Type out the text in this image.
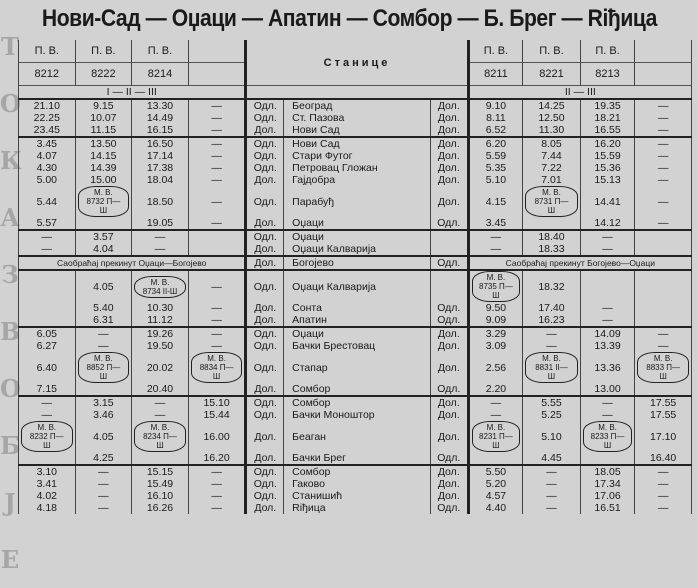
Т
О
К
А
З
В
О
Б
Ј
Е
Нови-Сад — Оџаци — Апатин — Сомбор — Б. Брег — Riђица
П. В.	П. В.	П. В.		Станице			П. В.	П. В.	П. В.	
8212	8222	8214					8211	8221	8213	
I — II — III							II — III			
21.10	9.15	13.30	—	Одл.	Београд	Дол.	9.10	14.25	19.35	—
22.25	10.07	14.49	—	Одл.	Ст. Пазова	Дол.	8.11	12.50	18.21	—
23.45	11.15	16.15	—	Дол.	Нови Сад	Дол.	6.52	11.30	16.55	—
3.45	13.50	16.50	—	Одл.	Нови Сад	Дол.	6.20	8.05	16.20	—
4.07	14.15	17.14	—	Одл.	Стари Футог	Дол.	5.59	7.44	15.59	—
4.30	14.39	17.38	—	Одл.	Петровац Гложан	Дол.	5.35	7.22	15.36	—
5.00	15.00	18.04	—	Дол.	Гајдобра	Дол.	5.10	7.01	15.13	—
5.44	М. В. 8732 П—Ш	18.50	—	Одл.	Парабуђ	Дол.	4.15	М. В. 8731 П—Ш	14.41	—
5.57		19.05	—	Дол.	Оџаци	Одл.	3.45		14.12	—
—	3.57	—		Одл.	Оџаци		—	18.40	—	
—	4.04	—		Дол.	Оџаци Калварија		—	18.33	—	
Саобраћај прекинут Оџаци—Богојево				Дол.	Богојево	Одл.	Саобраћај прекинут Богојево—Оџаци			
	4.05	М. В. 8734 II-Ш	—	Одл.	Оџаци Калварија		М. В. 8735 П—Ш	18.32		
	5.40	10.30	—	Дол.	Сонта	Одл.	9.50	17.40	—	
	6.31	11.12	—	Дол.	Апатин	Одл.	9.09	16.23	—	
6.05	—	19.26	—	Одл.	Оџаци	Дол.	3.29	—	14.09	—
6.27	—	19.50	—	Одл.	Бачки Брестовац	Дол.	3.09	—	13.39	—
6.40	М. В. 8852 П—Ш	20.02	М. В. 8834 П—Ш	Одл.	Стапар	Дол.	2.56	М. В. 8831 II—Ш	13.36	М. В. 8833 П—Ш
7.15		20.40		Дол.	Сомбор	Одл.	2.20		13.00	
—	3.15	—	15.10	Одл.	Сомбор	Дол.	—	5.55	—	17.55
—	3.46	—	15.44	Одл.	Бачки Моноштор	Дол.	—	5.25	—	17.55
М. В. 8232 П—Ш	4.05	М. В. 8234 П—Ш	16.00	Дол.	Беаган	Дол.	М. В. 8231 П—Ш	5.10	М. В. 8233 П—Ш	17.10
	4.25		16.20	Дол.	Бачки Брег	Одл.		4.45		16.40
3.10	—	15.15	—	Одл.	Сомбор	Дол.	5.50	—	18.05	—
3.41	—	15.49	—	Одл.	Гаково	Дол.	5.20	—	17.34	—
4.02	—	16.10	—	Одл.	Станишић	Дол.	4.57	—	17.06	—
4.18	—	16.26	—	Дол.	Riђица	Одл.	4.40	—	16.51	—
